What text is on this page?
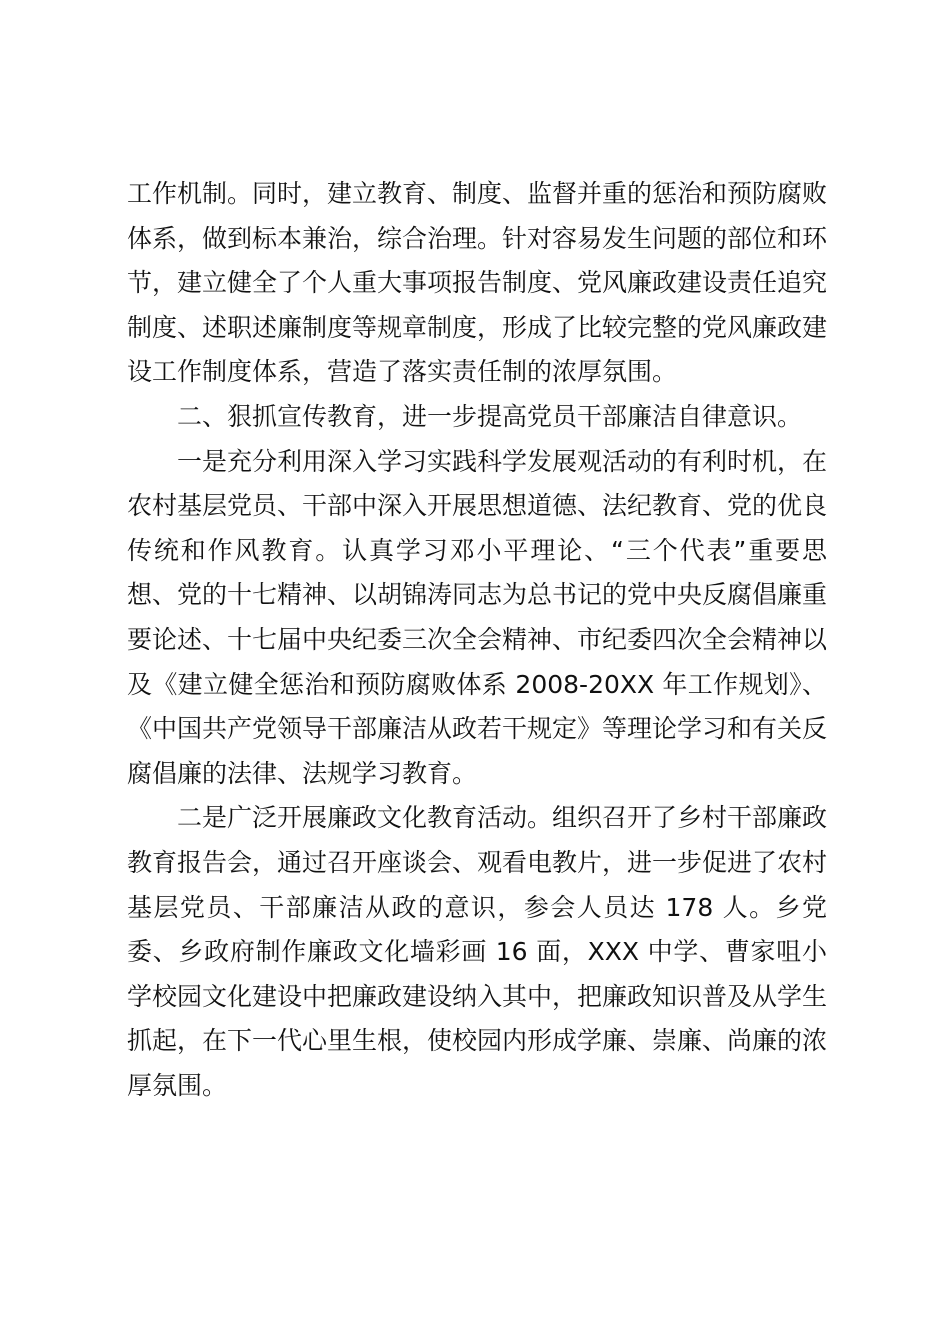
工作机制。同时，建立教育、制度、监督并重的惩治和预防腐败体系，做到标本兼治，综合治理。针对容易发生问题的部位和环节，建立健全了个人重大事项报告制度、党风廉政建设责任追究制度、述职述廉制度等规章制度，形成了比较完整的党风廉政建设工作制度体系，营造了落实责任制的浓厚氛围。

二、狠抓宣传教育，进一步提高党员干部廉洁自律意识。

一是充分利用深入学习实践科学发展观活动的有利时机，在农村基层党员、干部中深入开展思想道德、法纪教育、党的优良传统和作风教育。认真学习邓小平理论、“三个代表”重要思想、党的十七精神、以胡锦涛同志为总书记的党中央反腐倡廉重要论述、十七届中央纪委三次全会精神、市纪委四次全会精神以及《建立健全惩治和预防腐败体系 2008-20XX 年工作规划》、《中国共产党领导干部廉洁从政若干规定》等理论学习和有关反腐倡廉的法律、法规学习教育。

二是广泛开展廉政文化教育活动。组织召开了乡村干部廉政教育报告会，通过召开座谈会、观看电教片，进一步促进了农村基层党员、干部廉洁从政的意识，参会人员达 178 人。乡党委、乡政府制作廉政文化墙彩画 16 面，XXX 中学、曹家咀小学校园文化建设中把廉政建设纳入其中，把廉政知识普及从学生抓起，在下一代心里生根，使校园内形成学廉、崇廉、尚廉的浓厚氛围。
